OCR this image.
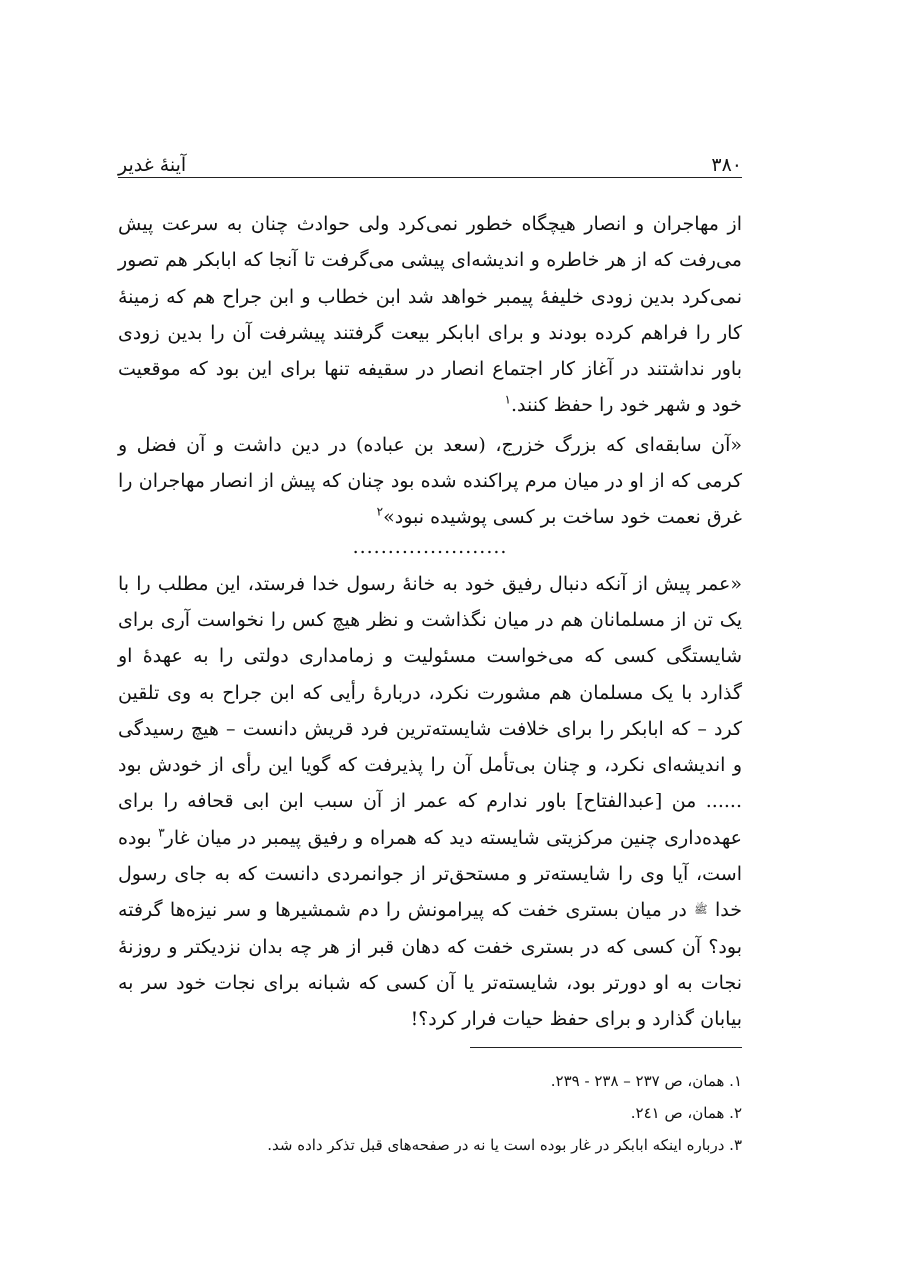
۳۸۰
آينهٔ غدير

از مهاجران و انصار هيچگاه خطور نمی‌کرد ولی حوادث چنان به سرعت پيش می‌رفت که از هر خاطره و انديشه‌ای پيشی می‌گرفت تا آنجا که ابابکر هم تصور نمی‌کرد بدين زودی خليفهٔ پيمبر خواهد شد ابن خطاب و ابن جراح هم که زمينهٔ کار را فراهم کرده بودند و برای ابابکر بيعت گرفتند پيشرفت آن را بدين زودی باور نداشتند در آغاز کار اجتماع انصار در سقيفه تنها برای اين بود که موقعيت خود و شهر خود را حفظ کنند.$^۱$

«آن سابقه‌ای که بزرگ خزرج، (سعد بن عباده) در دين داشت و آن فضل و کرمی که از او در ميان مرم پراکنده شده بود چنان که پيش از انصار مهاجران را غرق نعمت خود ساخت بر کسی پوشيده نبود»$^۲$

......................

«عمر پيش از آنکه دنبال رفيق خود به خانهٔ رسول خدا فرستد، اين مطلب را با يک تن از مسلمانان هم در ميان نگذاشت و نظر هيچ کس را نخواست آری برای شايستگی کسی که می‌خواست مسئوليت و زمامداری دولتی را به عهدهٔ او گذارد با يک مسلمان هم مشورت نکرد، دربارهٔ رأيی که ابن جراح به وی تلقين کرد – که ابابکر را برای خلافت شايسته‌ترين فرد قريش دانست – هيچ رسيدگی و انديشه‌ای نکرد، و چنان بی‌تأمل آن را پذيرفت که گويا اين رأی از خودش بود ...... من [عبدالفتاح] باور ندارم که عمر از آن سبب ابن ابی قحافه را برای عهده‌داری چنين مرکزيتی شايسته ديد که همراه و رفيق پيمبر در ميان غار$^۳$ بوده است، آيا وی را شايسته‌تر و مستحق‌تر از جوانمردی دانست که به جای رسول خدا ﷺ در ميان بستری خفت که پيرامونش را دم شمشيرها و سر نيزه‌ها گرفته بود؟ آن کسی که در بستری خفت که دهان قبر از هر چه بدان نزديکتر و روزنهٔ نجات به او دورتر بود، شايسته‌تر يا آن کسی که شبانه برای نجات خود سر به بيابان گذارد و برای حفظ حيات فرار کرد؟!

۱. همان، ص ۲۳۷ – ۲۳۸ - ۲۳۹.
۲. همان، ص ۲٤١.
۳. درباره اينکه ابابکر در غار بوده است يا نه در صفحه‌های قبل تذکر داده شد.
